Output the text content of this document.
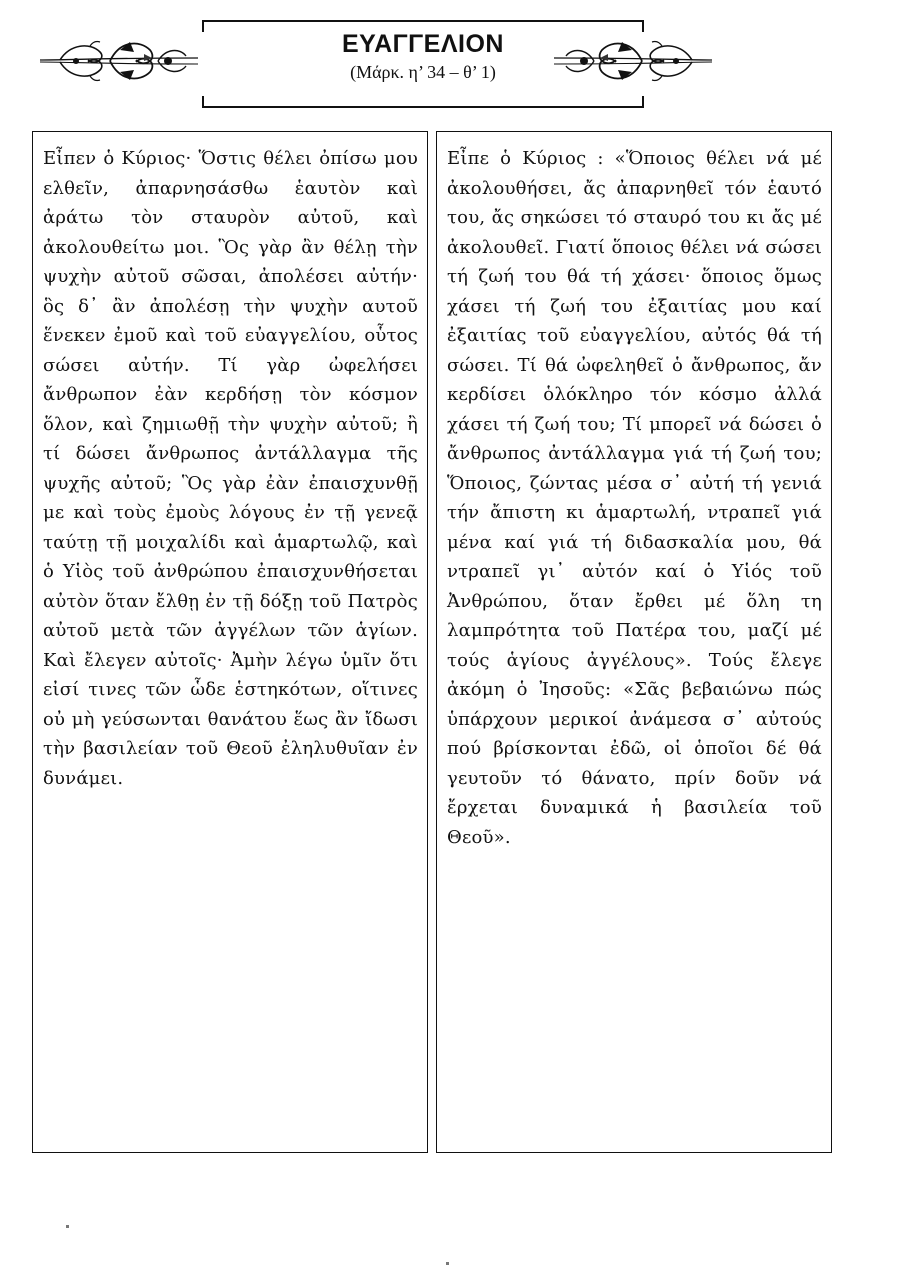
ΕΥΑΓΓΕΛΙΟΝ
(Μάρκ. η’ 34 – θ’ 1)
Εἶπεν ὁ Κύριος· Ὅστις θέλει ὀπίσω μου ελθεῖν, ἀπαρνησάσθω ἑαυτὸν καὶ ἀράτω τὸν σταυρὸν αὐτοῦ, καὶ ἀκολουθείτω μοι. Ὃς γὰρ ἂν θέλῃ τὴν ψυχὴν αὐτοῦ σῶσαι, ἀπολέσει αὐτήν· ὃς δ᾽ ἂν ἀπολέσῃ τὴν ψυχὴν αυτοῦ ἕνεκεν ἐμοῦ καὶ τοῦ εὐαγγελίου, οὗτος σώσει αὐτήν. Τί γὰρ ὠφελήσει ἄνθρωπον ἐὰν κερδήσῃ τὸν κόσμον ὅλον, καὶ ζημιωθῇ τὴν ψυχὴν αὐτοῦ; ἢ τί δώσει ἄνθρωπος ἀντάλλαγμα τῆς ψυχῆς αὐτοῦ; Ὃς γὰρ ἐὰν ἐπαισχυνθῇ με καὶ τοὺς ἐμοὺς λόγους ἐν τῇ γενεᾷ ταύτῃ τῇ μοιχαλίδι καὶ ἁμαρτωλῷ, καὶ ὁ Υἱὸς τοῦ ἀνθρώπου ἐπαισχυνθήσεται αὐτὸν ὅταν ἔλθῃ ἐν τῇ δόξῃ τοῦ Πατρὸς αὐτοῦ μετὰ τῶν ἀγγέλων τῶν ἁγίων. Καὶ ἔλεγεν αὐτοῖς· Ἀμὴν λέγω ὑμῖν ὅτι εἰσί τινες τῶν ὧδε ἑστηκότων, οἵτινες οὐ μὴ γεύσωνται θανάτου ἕως ἂν ἴδωσι τὴν βασιλείαν τοῦ Θεοῦ ἐληλυθυῖαν ἐν δυνάμει.
Εἶπε ὁ Κύριος : «Ὅποιος θέλει νά μέ ἀκολουθήσει, ἄς ἀπαρνηθεῖ τόν ἑαυτό του, ἄς σηκώσει τό σταυρό του κι ἄς μέ ἀκολουθεῖ. Γιατί ὅποιος θέλει νά σώσει τή ζωή του θά τή χάσει· ὅποιος ὅμως χάσει τή ζωή του ἐξαιτίας μου καί ἐξαιτίας τοῦ εὐαγγελίου, αὐτός θά τή σώσει. Τί θά ὠφεληθεῖ ὁ ἄνθρωπος, ἄν κερδίσει ὁλόκληρο τόν κόσμο ἀλλά χάσει τή ζωή του; Τί μπορεῖ νά δώσει ὁ ἄνθρωπος ἀντάλλαγμα γιά τή ζωή του; Ὅποιος, ζώντας μέσα σ᾽ αὐτή τή γενιά τήν ἄπιστη κι ἁμαρτωλή, ντραπεῖ γιά μένα καί γιά τή διδασκαλία μου, θά ντραπεῖ γι᾽ αὐτόν καί ὁ Υἱός τοῦ Ἀνθρώπου, ὅταν ἔρθει μέ ὅλη τη λαμπρότητα τοῦ Πατέρα του, μαζί μέ τούς ἁγίους ἀγγέλους». Τούς ἔλεγε ἀκόμη ὁ Ἰησοῦς: «Σᾶς βεβαιώνω πώς ὑπάρχουν μερικοί ἀνάμεσα σ᾽ αὐτούς πού βρίσκονται ἐδῶ, οἱ ὁποῖοι δέ θά γευτοῦν τό θάνατο, πρίν δοῦν νά ἔρχεται δυναμικά ἡ βασιλεία τοῦ Θεοῦ».
